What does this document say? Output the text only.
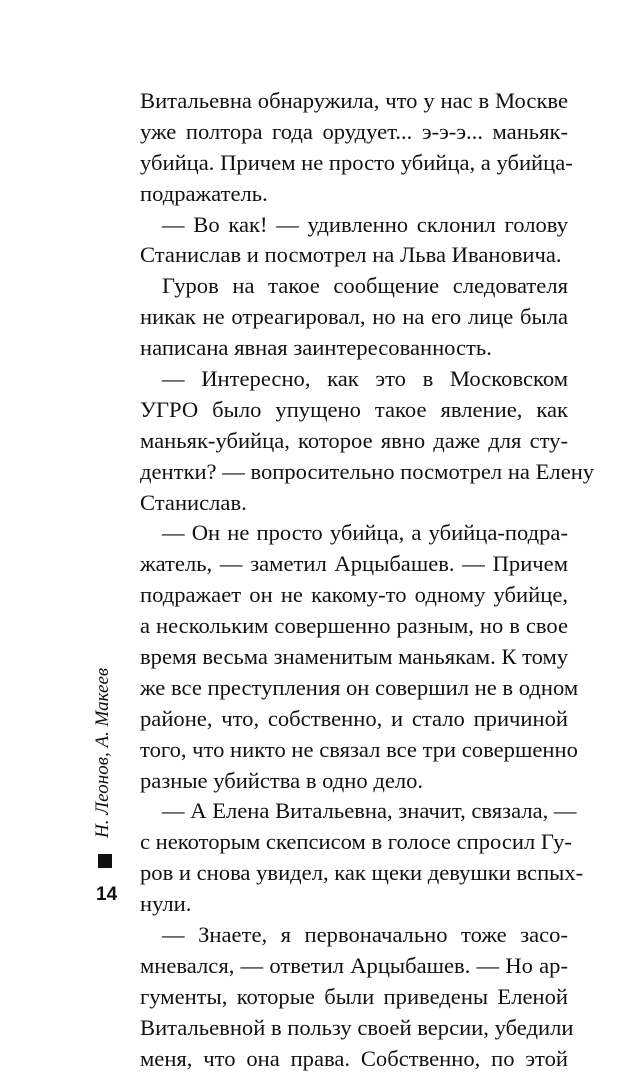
Витальевна обнаружила, что у нас в Москве
уже полтора года орудует... э-э-э... маньяк-
убийца. Причем не просто убийца, а убийца-
подражатель.
— Во как! — удивленно склонил голову
Станислав и посмотрел на Льва Ивановича.
Гуров на такое сообщение следователя
никак не отреагировал, но на его лице была
написана явная заинтересованность.
— Интересно, как это в Московском
УГРО было упущено такое явление, как
маньяк-убийца, которое явно даже для сту-
дентки? — вопросительно посмотрел на Елену
Станислав.
— Он не просто убийца, а убийца-подра-
жатель, — заметил Арцыбашев. — Причем
подражает он не какому-то одному убийце,
а нескольким совершенно разным, но в свое
время весьма знаменитым маньякам. К тому
же все преступления он совершил не в одном
районе, что, собственно, и стало причиной
того, что никто не связал все три совершенно
разные убийства в одно дело.
— А Елена Витальевна, значит, связала, —
с некоторым скепсисом в голосе спросил Гу-
ров и снова увидел, как щеки девушки вспых-
нули.
— Знаете, я первоначально тоже засо-
мневался, — ответил Арцыбашев. — Но ар-
гументы, которые были приведены Еленой
Витальевной в пользу своей версии, убедили
меня, что она права. Собственно, по этой
Н. Леонов, А. Макеев
14
